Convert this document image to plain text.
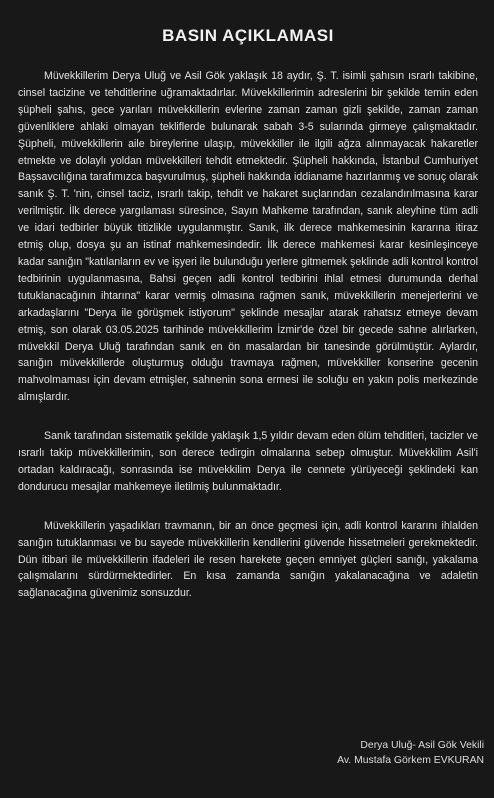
BASIN AÇIKLAMASI

Müvekkillerim Derya Uluğ ve Asil Gök yaklaşık 18 aydır, Ş. T. isimli şahısın ısrarlı takibine, cinsel tacizine ve tehditlerine uğramaktadırlar. Müvekkillerimin adreslerini bir şekilde temin eden şüpheli şahıs, gece yarıları müvekkillerin evlerine zaman zaman gizli şekilde, zaman zaman güvenliklere ahlaki olmayan tekliflerde bulunarak sabah 3-5 sularında girmeye çalışmaktadır. Şüpheli, müvekkillerin aile bireylerine ulaşıp, müvekkiller ile ilgili ağza alınmayacak hakaretler etmekte ve dolaylı yoldan müvekkilleri tehdit etmektedir. Şüpheli hakkında, İstanbul Cumhuriyet Başsavcılığına tarafımızca başvurulmuş, şüpheli hakkında iddianame hazırlanmış ve sonuç olarak sanık Ş. T. 'nin, cinsel taciz, ısrarlı takip, tehdit ve hakaret suçlarından cezalandırılmasına karar verilmiştir. İlk derece yargılaması süresince, Sayın Mahkeme tarafından, sanık aleyhine tüm adli ve idari tedbirler büyük titizlikle uygulanmıştır. Sanık, ilk derece mahkemesinin kararına itiraz etmiş olup, dosya şu an istinaf mahkemesindedir. İlk derece mahkemesi karar kesinleşinceye kadar sanığın "katılanların ev ve işyeri ile bulunduğu yerlere gitmemek şeklinde adli kontrol kontrol tedbirinin uygulanmasına, Bahsi geçen adli kontrol tedbirini ihlal etmesi durumunda derhal tutuklanacağının ihtarına" karar vermiş olmasına rağmen sanık, müvekkillerin menejerlerini ve arkadaşlarını "Derya ile görüşmek istiyorum" şeklinde mesajlar atarak rahatsız etmeye devam etmiş, son olarak 03.05.2025 tarihinde müvekkillerim İzmir'de özel bir gecede sahne alırlarken, müvekkil Derya Uluğ tarafından sanık en ön masalardan bir tanesinde görülmüştür. Aylardır, sanığın müvekkillerde oluşturmuş olduğu travmaya rağmen, müvekkiller konserine gecenin mahvolmaması için devam etmişler, sahnenin sona ermesi ile soluğu en yakın polis merkezinde almışlardır.

Sanık tarafından sistematik şekilde yaklaşık 1,5 yıldır devam eden ölüm tehditleri, tacizler ve ısrarlı takip müvekkillerimin, son derece tedirgin olmalarına sebep olmuştur. Müvekkilim Asil'i ortadan kaldıracağı, sonrasında ise müvekkilim Derya ile cennete yürüyeceği şeklindeki kan dondurucu mesajlar mahkemeye iletilmiş bulunmaktadır.

Müvekkillerin yaşadıkları travmanın, bir an önce geçmesi için, adli kontrol kararını ihlalden sanığın tutuklanması ve bu sayede müvekkillerin kendilerini güvende hissetmeleri gerekmektedir. Dün itibari ile müvekkillerin ifadeleri ile resen harekete geçen emniyet güçleri sanığı, yakalama çalışmalarını sürdürmektedirler. En kısa zamanda sanığın yakalanacağına ve adaletin sağlanacağına güvenimiz sonsuzdur.

Derya Uluğ- Asil Gök Vekili
Av. Mustafa Görkem EVKURAN
